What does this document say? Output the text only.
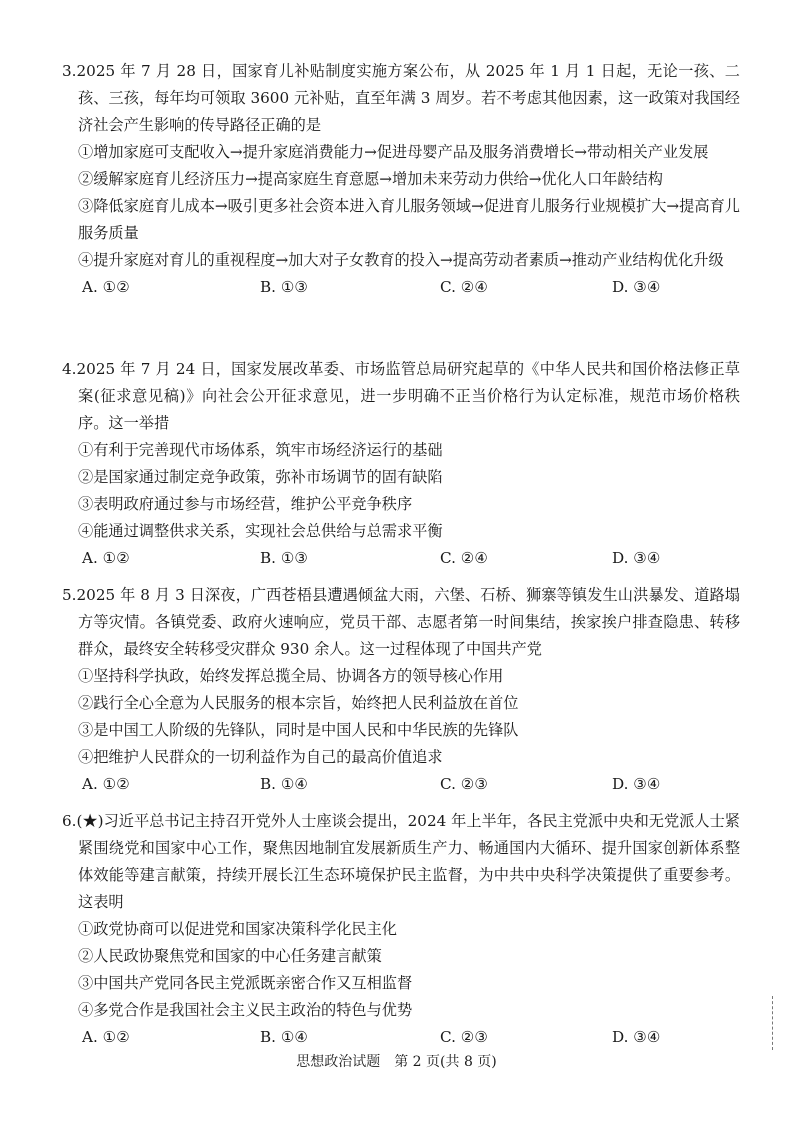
3.2025 年 7 月 28 日，国家育儿补贴制度实施方案公布，从 2025 年 1 月 1 日起，无论一孩、二孩、三孩，每年均可领取 3600 元补贴，直至年满 3 周岁。若不考虑其他因素，这一政策对我国经济社会产生影响的传导路径正确的是

①增加家庭可支配收入→提升家庭消费能力→促进母婴产品及服务消费增长→带动相关产业发展

②缓解家庭育儿经济压力→提高家庭生育意愿→增加未来劳动力供给→优化人口年龄结构

③降低家庭育儿成本→吸引更多社会资本进入育儿服务领域→促进育儿服务行业规模扩大→提高育儿服务质量

④提升家庭对育儿的重视程度→加大对子女教育的投入→提高劳动者素质→推动产业结构优化升级

A. ①②	B. ①③	C. ②④	D. ③④

4.2025 年 7 月 24 日，国家发展改革委、市场监管总局研究起草的《中华人民共和国价格法修正草案(征求意见稿)》向社会公开征求意见，进一步明确不正当价格行为认定标准，规范市场价格秩序。这一举措

①有利于完善现代市场体系，筑牢市场经济运行的基础

②是国家通过制定竞争政策，弥补市场调节的固有缺陷

③表明政府通过参与市场经营，维护公平竞争秩序

④能通过调整供求关系，实现社会总供给与总需求平衡

A. ①②	B. ①③	C. ②④	D. ③④

5.2025 年 8 月 3 日深夜，广西苍梧县遭遇倾盆大雨，六堡、石桥、狮寨等镇发生山洪暴发、道路塌方等灾情。各镇党委、政府火速响应，党员干部、志愿者第一时间集结，挨家挨户排查隐患、转移群众，最终安全转移受灾群众 930 余人。这一过程体现了中国共产党

①坚持科学执政，始终发挥总揽全局、协调各方的领导核心作用

②践行全心全意为人民服务的根本宗旨，始终把人民利益放在首位

③是中国工人阶级的先锋队，同时是中国人民和中华民族的先锋队

④把维护人民群众的一切利益作为自己的最高价值追求

A. ①②	B. ①④	C. ②③	D. ③④

6.(★)习近平总书记主持召开党外人士座谈会提出，2024 年上半年，各民主党派中央和无党派人士紧紧围绕党和国家中心工作，聚焦因地制宜发展新质生产力、畅通国内大循环、提升国家创新体系整体效能等建言献策，持续开展长江生态环境保护民主监督，为中共中央科学决策提供了重要参考。这表明

①政党协商可以促进党和国家决策科学化民主化

②人民政协聚焦党和国家的中心任务建言献策

③中国共产党同各民主党派既亲密合作又互相监督

④多党合作是我国社会主义民主政治的特色与优势

A. ①②	B. ①④	C. ②③	D. ③④
思想政治试题　第 2 页(共 8 页)
